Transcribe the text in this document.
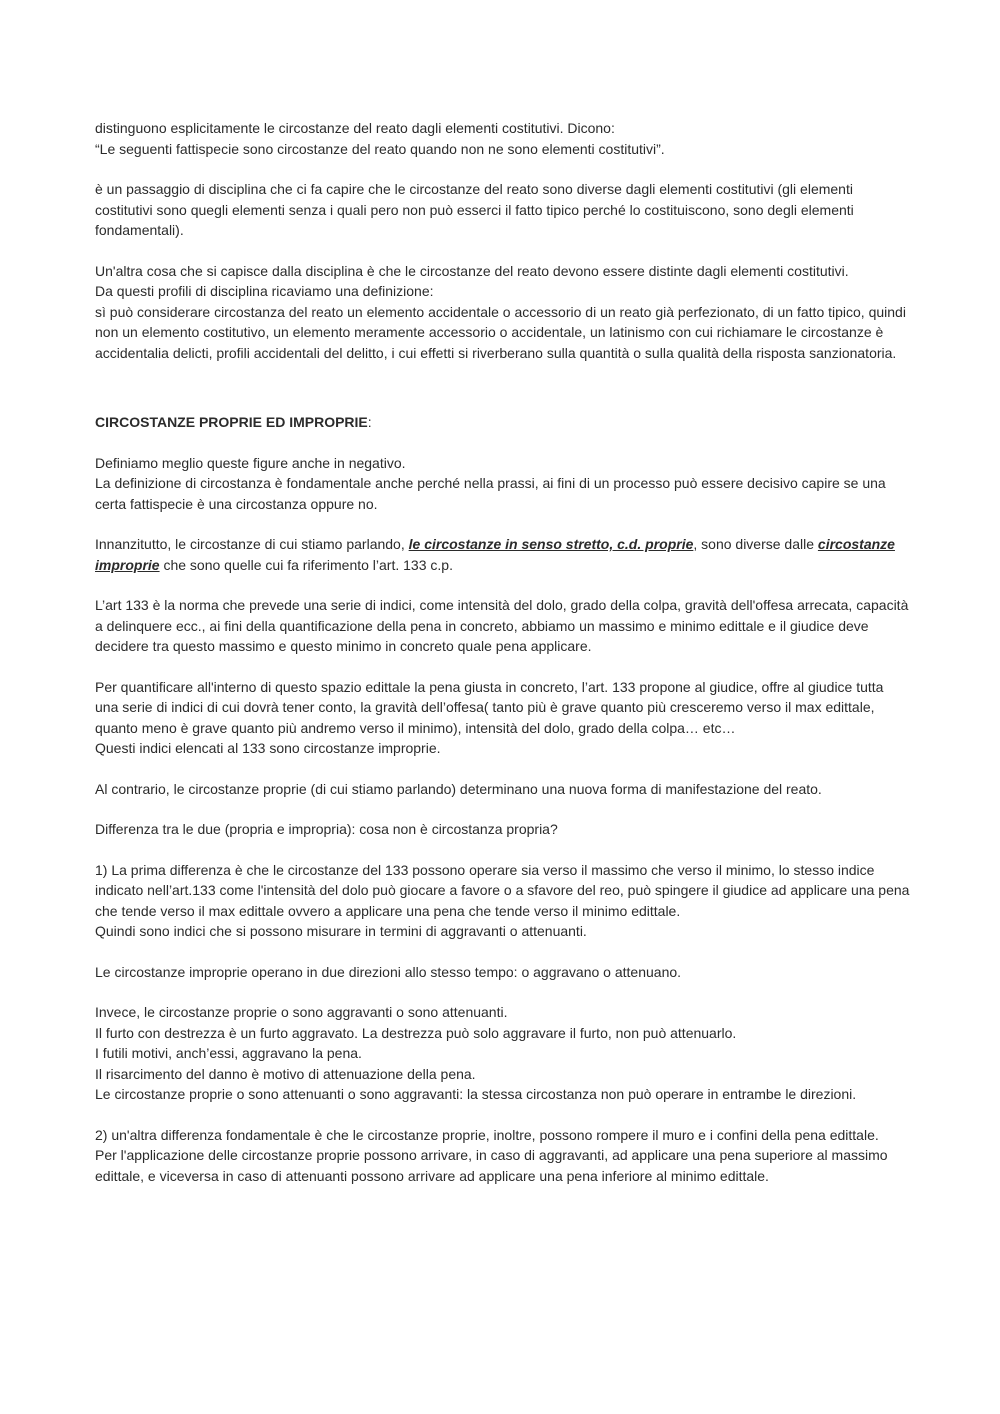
distinguono esplicitamente le circostanze del reato dagli elementi costitutivi. Dicono:

“Le seguenti fattispecie sono circostanze del reato quando non ne sono elementi costitutivi”.

è un passaggio di disciplina che ci fa capire che le circostanze del reato sono diverse dagli elementi costitutivi (gli elementi costitutivi sono quegli elementi senza i quali pero non può esserci il fatto tipico perché lo costituiscono, sono degli elementi fondamentali).

Un'altra cosa che si capisce dalla disciplina è che le circostanze del reato devono essere distinte dagli elementi costitutivi.

Da questi profili di disciplina ricaviamo una definizione:

sì può considerare circostanza del reato un elemento accidentale o accessorio di un reato già perfezionato, di un fatto tipico, quindi non un elemento costitutivo, un elemento meramente accessorio o accidentale, un latinismo con cui richiamare le circostanze è accidentalia delicti, profili accidentali del delitto, i cui effetti si riverberano sulla quantità o sulla qualità della risposta sanzionatoria.

CIRCOSTANZE PROPRIE ED IMPROPRIE:

Definiamo meglio queste figure anche in negativo.

La definizione di circostanza è fondamentale anche perché nella prassi, ai fini di un processo può essere decisivo capire se una certa fattispecie è una circostanza oppure no.

Innanzitutto, le circostanze di cui stiamo parlando, le circostanze in senso stretto, c.d. proprie, sono diverse dalle circostanze improprie che sono quelle cui fa riferimento l’art. 133 c.p.

L’art 133 è la norma che prevede una serie di indici, come intensità del dolo, grado della colpa, gravità dell'offesa arrecata, capacità a delinquere ecc., ai fini della quantificazione della pena in concreto, abbiamo un massimo e minimo edittale e il giudice deve decidere tra questo massimo e questo minimo in concreto quale pena applicare.

Per quantificare all'interno di questo spazio edittale la pena giusta in concreto, l’art. 133 propone al giudice, offre al giudice tutta una serie di indici di cui dovrà tener conto, la gravità dell’offesa( tanto più è grave quanto più cresceremo verso il max edittale, quanto meno è grave quanto più andremo verso il minimo), intensità del dolo, grado della colpa… etc…

Questi indici elencati al 133 sono circostanze improprie.

Al contrario, le circostanze proprie (di cui stiamo parlando) determinano una nuova forma di manifestazione del reato.

Differenza tra le due (propria e impropria): cosa non è circostanza propria?

1) La prima differenza è che le circostanze del 133 possono operare sia verso il massimo che verso il minimo, lo stesso indice indicato nell’art.133 come l'intensità del dolo può giocare a favore o a sfavore del reo, può spingere il giudice ad applicare una pena che tende verso il max edittale ovvero a applicare una pena che tende verso il minimo edittale.

Quindi sono indici che si possono misurare in termini di aggravanti o attenuanti.

Le circostanze improprie operano in due direzioni allo stesso tempo: o aggravano o attenuano.

Invece, le circostanze proprie o sono aggravanti o sono attenuanti.

Il furto con destrezza è un furto aggravato. La destrezza può solo aggravare il furto, non può attenuarlo.

I futili motivi, anch’essi, aggravano la pena.

Il risarcimento del danno è motivo di attenuazione della pena.

Le circostanze proprie o sono attenuanti o sono aggravanti: la stessa circostanza non può operare in entrambe le direzioni.

2) un'altra differenza fondamentale è che le circostanze proprie, inoltre, possono rompere il muro e i confini della pena edittale.

Per l'applicazione delle circostanze proprie possono arrivare, in caso di aggravanti, ad applicare una pena superiore al massimo edittale, e viceversa in caso di attenuanti possono arrivare ad applicare una pena inferiore al minimo edittale.
